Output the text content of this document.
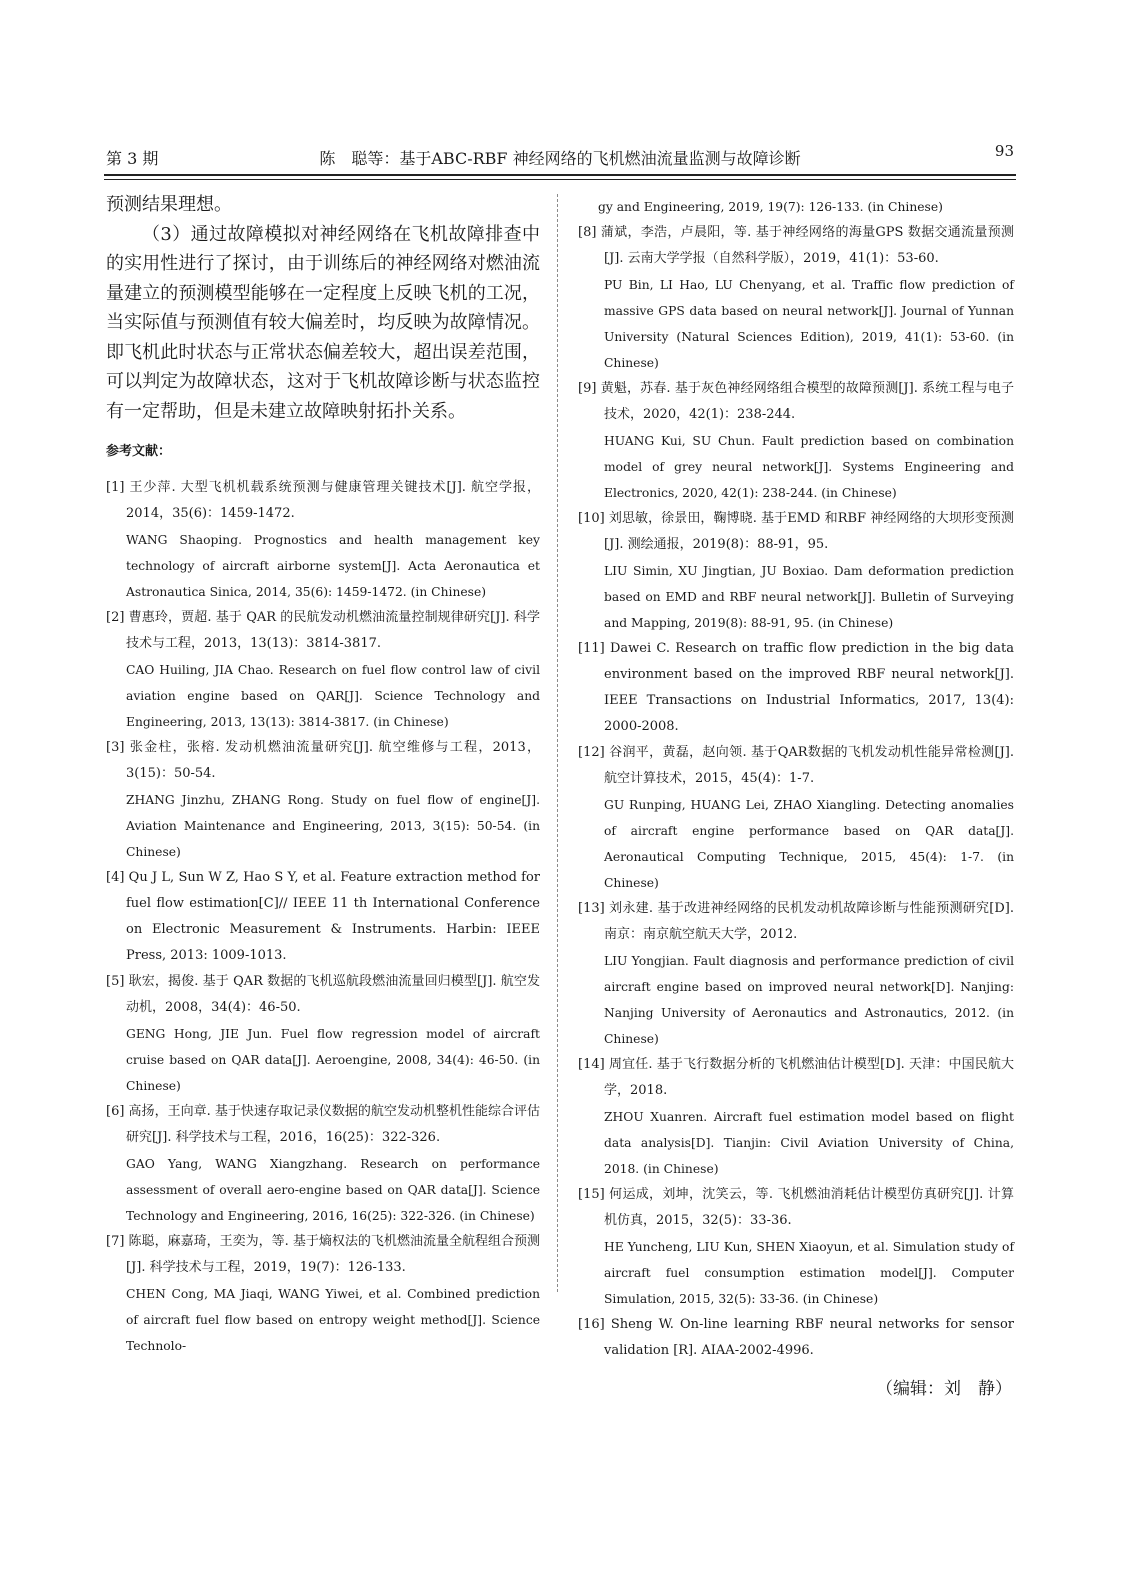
第 3 期	陈　聪等：基于ABC-RBF 神经网络的飞机燃油流量监测与故障诊断	93

预测结果理想。

（3）通过故障模拟对神经网络在飞机故障排查中的实用性进行了探讨，由于训练后的神经网络对燃油流量建立的预测模型能够在一定程度上反映飞机的工况，当实际值与预测值有较大偏差时，均反映为故障情况。即飞机此时状态与正常状态偏差较大，超出误差范围，可以判定为故障状态，这对于飞机故障诊断与状态监控有一定帮助，但是未建立故障映射拓扑关系。

参考文献：
[1] 王少萍. 大型飞机机载系统预测与健康管理关键技术[J]. 航空学报，2014，35(6)：1459-1472.
WANG Shaoping. Prognostics and health management key technology of aircraft airborne system[J]. Acta Aeronautica et Astronautica Sinica, 2014, 35(6): 1459-1472. (in Chinese)
[2] 曹惠玲，贾超. 基于 QAR 的民航发动机燃油流量控制规律研究[J]. 科学技术与工程，2013，13(13)：3814-3817.
CAO Huiling, JIA Chao. Research on fuel flow control law of civil aviation engine based on QAR[J]. Science Technology and Engineering, 2013, 13(13): 3814-3817. (in Chinese)
[3] 张金柱，张榕. 发动机燃油流量研究[J]. 航空维修与工程，2013，3(15)：50-54.
ZHANG Jinzhu, ZHANG Rong. Study on fuel flow of engine[J]. Aviation Maintenance and Engineering, 2013, 3(15): 50-54. (in Chinese)
[4] Qu J L, Sun W Z, Hao S Y, et al. Feature extraction method for fuel flow estimation[C]// IEEE 11 th International Conference on Electronic Measurement & Instruments. Harbin: IEEE Press, 2013: 1009-1013.
[5] 耿宏，揭俊. 基于 QAR 数据的飞机巡航段燃油流量回归模型[J]. 航空发动机，2008，34(4)：46-50.
GENG Hong, JIE Jun. Fuel flow regression model of aircraft cruise based on QAR data[J]. Aeroengine, 2008, 34(4): 46-50. (in Chinese)
[6] 高扬，王向章. 基于快速存取记录仪数据的航空发动机整机性能综合评估研究[J]. 科学技术与工程，2016，16(25)：322-326.
GAO Yang, WANG Xiangzhang. Research on performance assessment of overall aero-engine based on QAR data[J]. Science Technology and Engineering, 2016, 16(25): 322-326. (in Chinese)
[7] 陈聪，麻嘉琦，王奕为，等. 基于熵权法的飞机燃油流量全航程组合预测[J]. 科学技术与工程，2019，19(7)：126-133.
CHEN Cong, MA Jiaqi, WANG Yiwei, et al. Combined prediction of aircraft fuel flow based on entropy weight method[J]. Science Technolo-
gy and Engineering, 2019, 19(7): 126-133. (in Chinese)
[8] 蒲斌，李浩，卢晨阳，等. 基于神经网络的海量GPS 数据交通流量预测[J]. 云南大学学报（自然科学版），2019，41(1)：53-60.
PU Bin, LI Hao, LU Chenyang, et al. Traffic flow prediction of massive GPS data based on neural network[J]. Journal of Yunnan University (Natural Sciences Edition), 2019, 41(1): 53-60. (in Chinese)
[9] 黄魁，苏春. 基于灰色神经网络组合模型的故障预测[J]. 系统工程与电子技术，2020，42(1)：238-244.
HUANG Kui, SU Chun. Fault prediction based on combination model of grey neural network[J]. Systems Engineering and Electronics, 2020, 42(1): 238-244. (in Chinese)
[10] 刘思敏，徐景田，鞠博晓. 基于EMD 和RBF 神经网络的大坝形变预测[J]. 测绘通报，2019(8)：88-91，95.
LIU Simin, XU Jingtian, JU Boxiao. Dam deformation prediction based on EMD and RBF neural network[J]. Bulletin of Surveying and Mapping, 2019(8): 88-91, 95. (in Chinese)
[11] Dawei C. Research on traffic flow prediction in the big data environment based on the improved RBF neural network[J]. IEEE Transactions on Industrial Informatics, 2017, 13(4): 2000-2008.
[12] 谷润平，黄磊，赵向领. 基于QAR数据的飞机发动机性能异常检测[J]. 航空计算技术，2015，45(4)：1-7.
GU Runping, HUANG Lei, ZHAO Xiangling. Detecting anomalies of aircraft engine performance based on QAR data[J]. Aeronautical Computing Technique, 2015, 45(4): 1-7. (in Chinese)
[13] 刘永建. 基于改进神经网络的民机发动机故障诊断与性能预测研究[D]. 南京：南京航空航天大学，2012.
LIU Yongjian. Fault diagnosis and performance prediction of civil aircraft engine based on improved neural network[D]. Nanjing: Nanjing University of Aeronautics and Astronautics, 2012. (in Chinese)
[14] 周宜任. 基于飞行数据分析的飞机燃油估计模型[D]. 天津：中国民航大学，2018.
ZHOU Xuanren. Aircraft fuel estimation model based on flight data analysis[D]. Tianjin: Civil Aviation University of China, 2018. (in Chinese)
[15] 何运成，刘坤，沈笑云，等. 飞机燃油消耗估计模型仿真研究[J]. 计算机仿真，2015，32(5)：33-36.
HE Yuncheng, LIU Kun, SHEN Xiaoyun, et al. Simulation study of aircraft fuel consumption estimation model[J]. Computer Simulation, 2015, 32(5): 33-36. (in Chinese)
[16] Sheng W. On-line learning RBF neural networks for sensor validation [R]. AIAA-2002-4996.
（编辑：刘　静）
